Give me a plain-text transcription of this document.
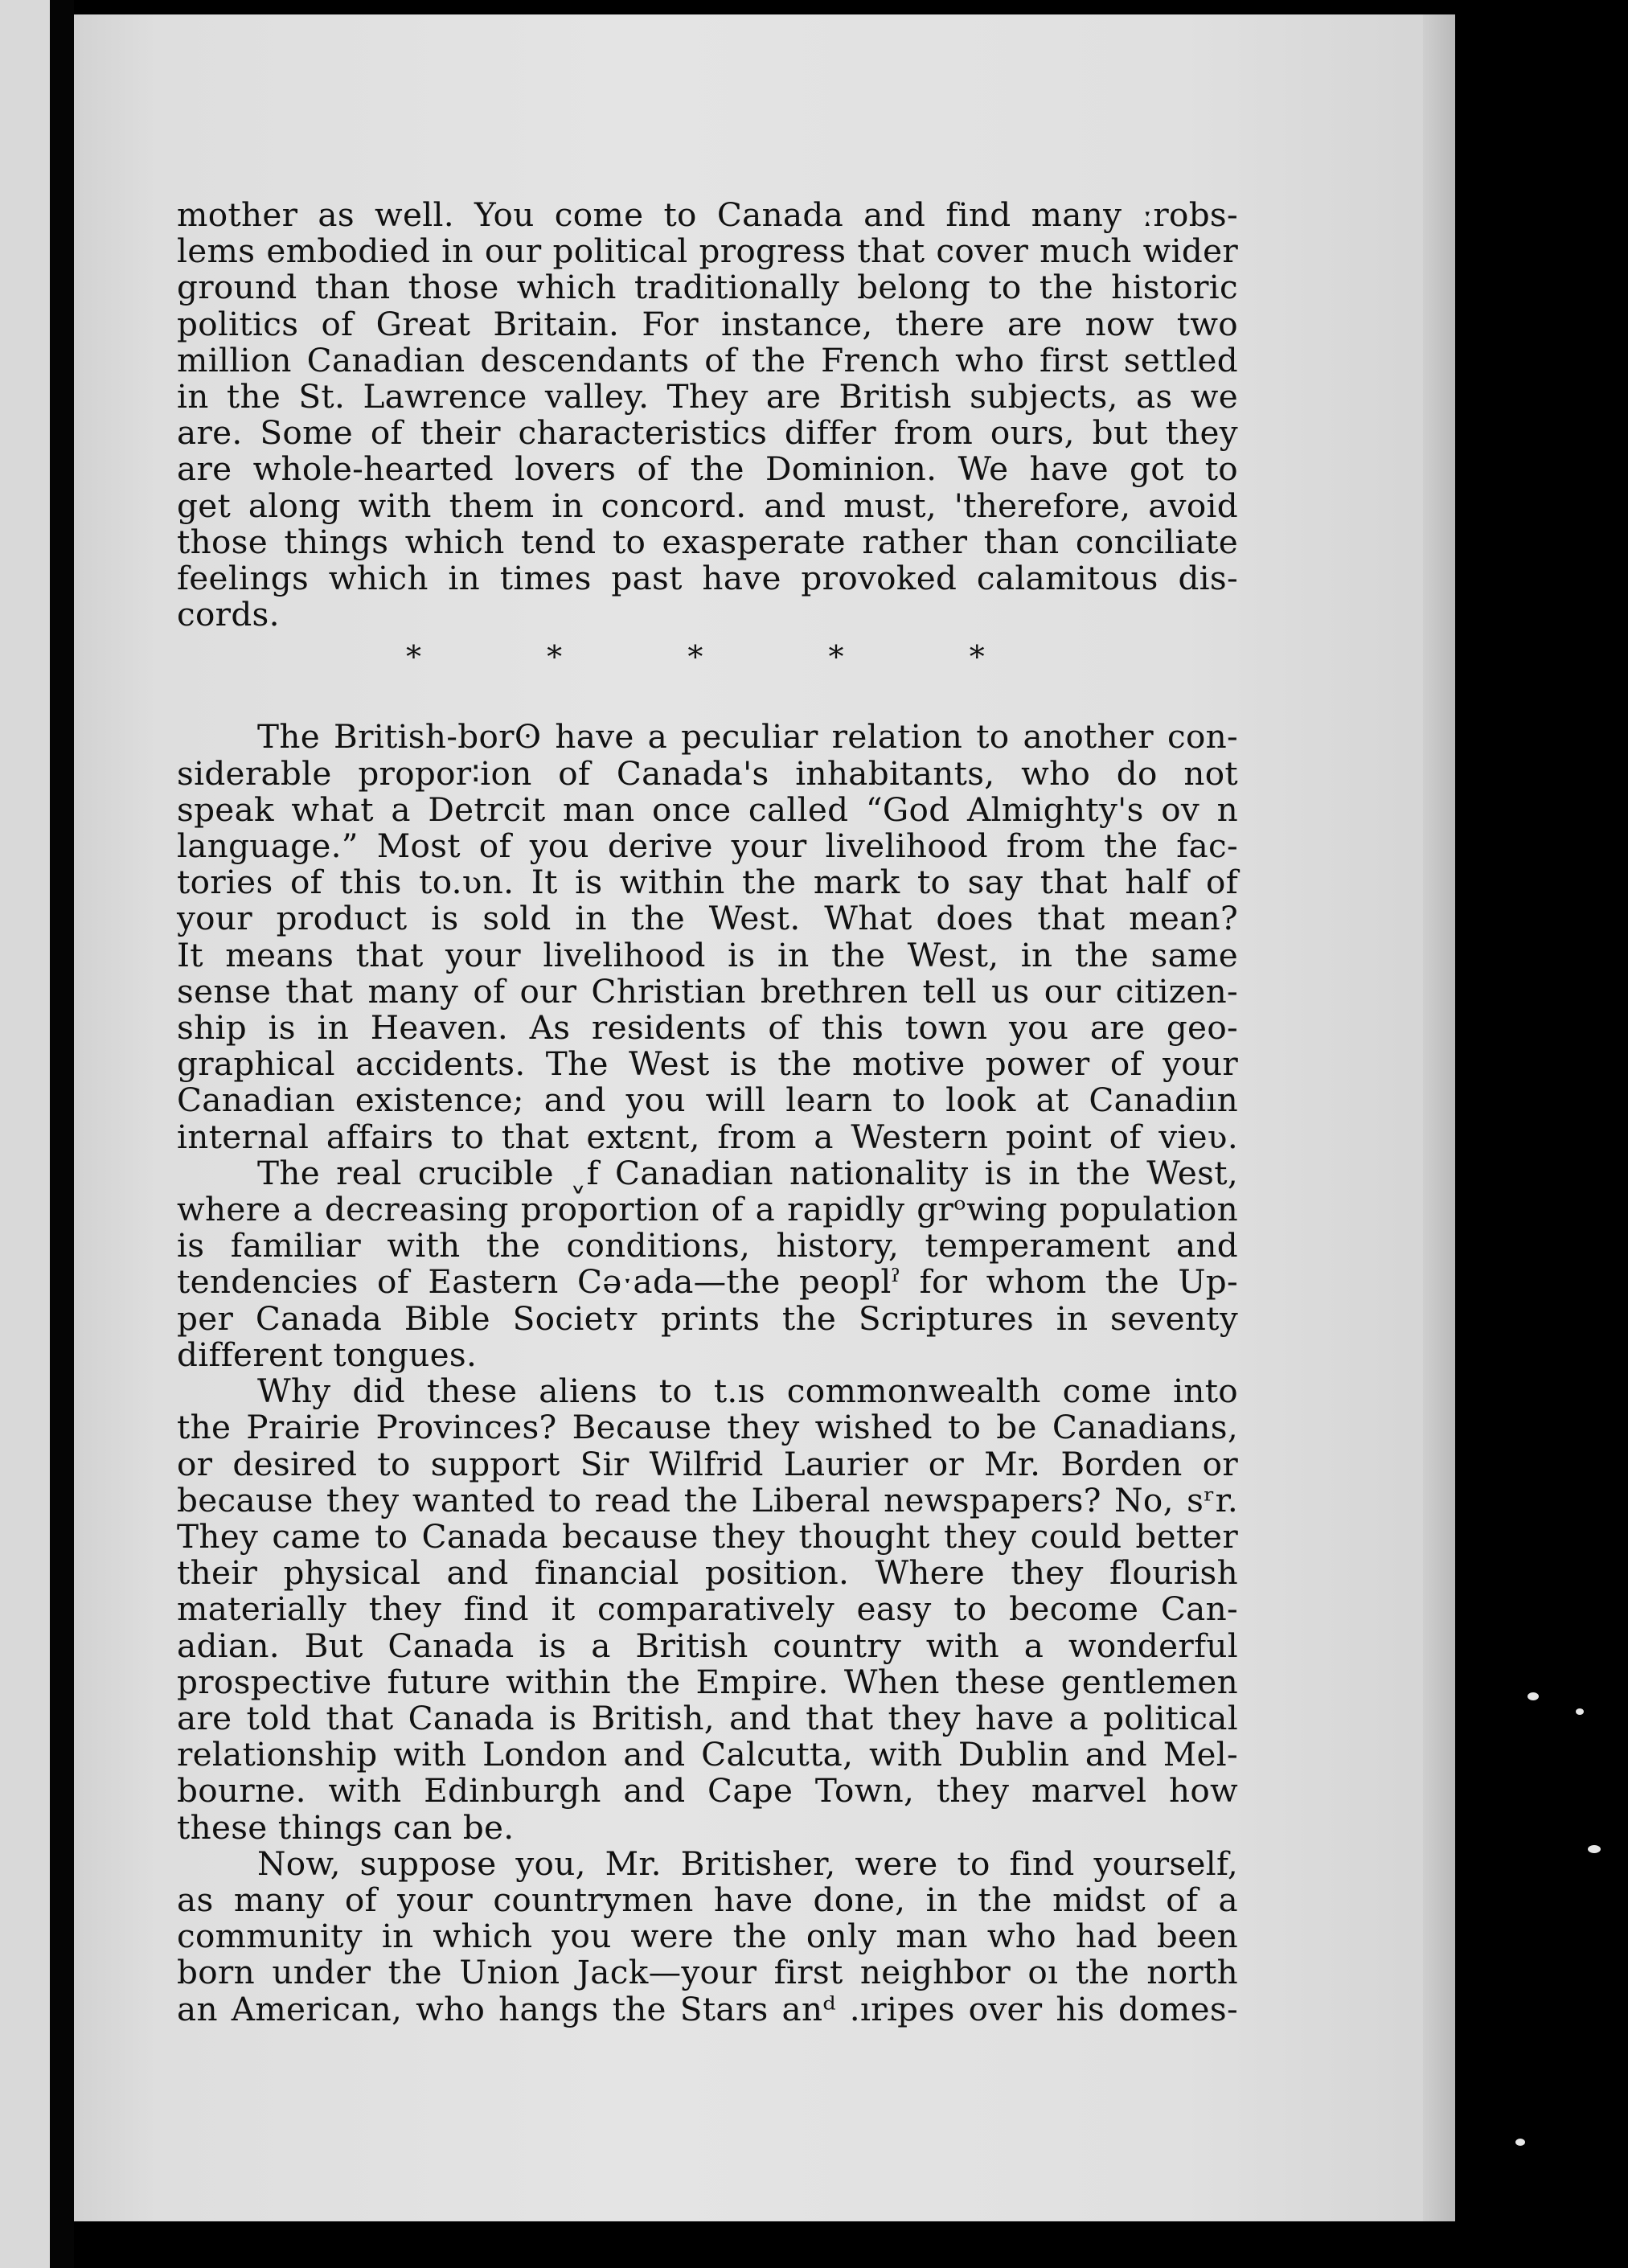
mother as well. You come to Canada and find many ːrobs-

lems embodied in our political progress that cover much wider

ground than those which traditionally belong to the historic

politics of Great Britain. For instance, there are now two

million Canadian descendants of the French who first settled

in the St. Lawrence valley. They are British subjects, as we

are. Some of their characteristics differ from ours, but they

are whole-hearted lovers of the Dominion. We have got to

get along with them in concord. and must, 'therefore, avoid

those things which tend to exasperate rather than conciliate

feelings which in times past have provoked calamitous dis-

cords.

*	*	*	*	*

The British-borʘ have a peculiar relation to another con-

siderable propor∶ion of Canada's inhabitants, who do not

speak what a Detrcit man once called “God Almighty's ov n

language.” Most of you derive your livelihood from the fac-

tories of this to.ʋn. It is within the mark to say that half of

your product is sold in the West. What does that mean?

It means that your livelihood is in the West, in the same

sense that many of our Christian brethren tell us our citizen-

ship is in Heaven. As residents of this town you are geo-

graphical accidents. The West is the motive power of your

Canadian existence; and you will learn to look at Canadiın

internal affairs to that extεnt, from a Western point of vieʋ.

The real crucible ˬf Canadian nationality is in the West,

where a decreasing proportion of a rapidly grᵒwing population

is familiar with the conditions, history, temperament and

tendencies of Eastern Cəˑada—the peoplˀ for whom the Up-

per Canada Bible Societʏ prints the Scriptures in seventy

different tongues.

Why did these aliens to t.ıs commonwealth come into

the Prairie Provinces? Because they wished to be Canadians,

or desired to support Sir Wilfrid Laurier or Mr. Borden or

because they wanted to read the Liberal newspapers? No, sʳr.

They came to Canada because they thought they could better

their physical and financial position. Where they flourish

materially they find it comparatively easy to become Can-

adian. But Canada is a British country with a wonderful

prospective future within the Empire. When these gentlemen

are told that Canada is British, and that they have a political

relationship with London and Calcutta, with Dublin and Mel-

bourne. with Edinburgh and Cape Town, they marvel how

these things can be.

Now, suppose you, Mr. Britisher, were to find yourself,

as many of your countrymen have done, in the midst of a

community in which you were the only man who had been

born under the Union Jack—your first neighbor oı the north

an American, who hangs the Stars anᵈ .ıripes over his domes-
